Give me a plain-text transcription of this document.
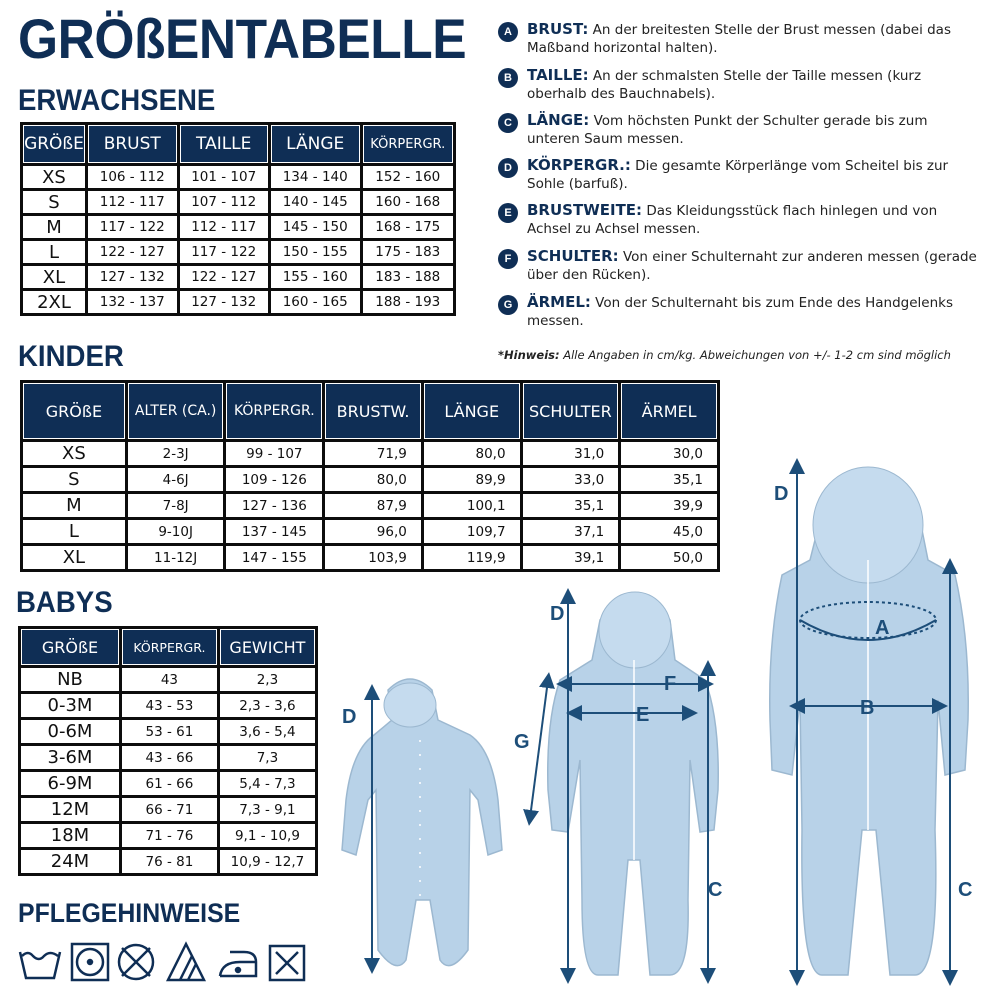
GRÖßENTABELLE
ERWACHSENE
KINDER
BABYS
PFLEGEHINWEISE
GRÖßE	BRUST	TAILLE	LÄNGE	KÖRPERGR.
XS	106 - 112	101 - 107	134 - 140	152 - 160
S	112 - 117	107 - 112	140 - 145	160 - 168
M	117 - 122	112 - 117	145 - 150	168 - 175
L	122 - 127	117 - 122	150 - 155	175 - 183
XL	127 - 132	122 - 127	155 - 160	183 - 188
2XL	132 - 137	127 - 132	160 - 165	188 - 193
GRÖßE	ALTER (CA.)	KÖRPERGR.	BRUSTW.	LÄNGE	SCHULTER	ÄRMEL
XS	2-3J	99 - 107	71,9	80,0	31,0	30,0
S	4-6J	109 - 126	80,0	89,9	33,0	35,1
M	7-8J	127 - 136	87,9	100,1	35,1	39,9
L	9-10J	137 - 145	96,0	109,7	37,1	45,0
XL	11-12J	147 - 155	103,9	119,9	39,1	50,0
GRÖßE	KÖRPERGR.	GEWICHT
NB	43	2,3
0-3M	43 - 53	2,3 - 3,6
0-6M	53 - 61	3,6 - 5,4
3-6M	43 - 66	7,3
6-9M	61 - 66	5,4 - 7,3
12M	66 - 71	7,3 - 9,1
18M	71 - 76	9,1 - 10,9
24M	76 - 81	10,9 - 12,7
A	BRUST: An der breitesten Stelle der Brust messen (dabei das Maßband horizontal halten).
B	TAILLE: An der schmalsten Stelle der Taille messen (kurz oberhalb des Bauchnabels).
C	LÄNGE: Vom höchsten Punkt der Schulter gerade bis zum unteren Saum messen.
D	KÖRPERGR.: Die gesamte Körperlänge vom Scheitel bis zur Sohle (barfuß).
E	BRUSTWEITE: Das Kleidungsstück flach hinlegen und von Achsel zu Achsel messen.
F	SCHULTER: Von einer Schulternaht zur anderen messen (gerade über den Rücken).
G ÄRMEL: Von der Schulternaht bis zum Ende des Handgelenks messen.
*Hinweis: Alle Angaben in cm/kg. Abweichungen von +/- 1-2 cm sind möglich
D
D
F
E
G
C
D
A
B
C
